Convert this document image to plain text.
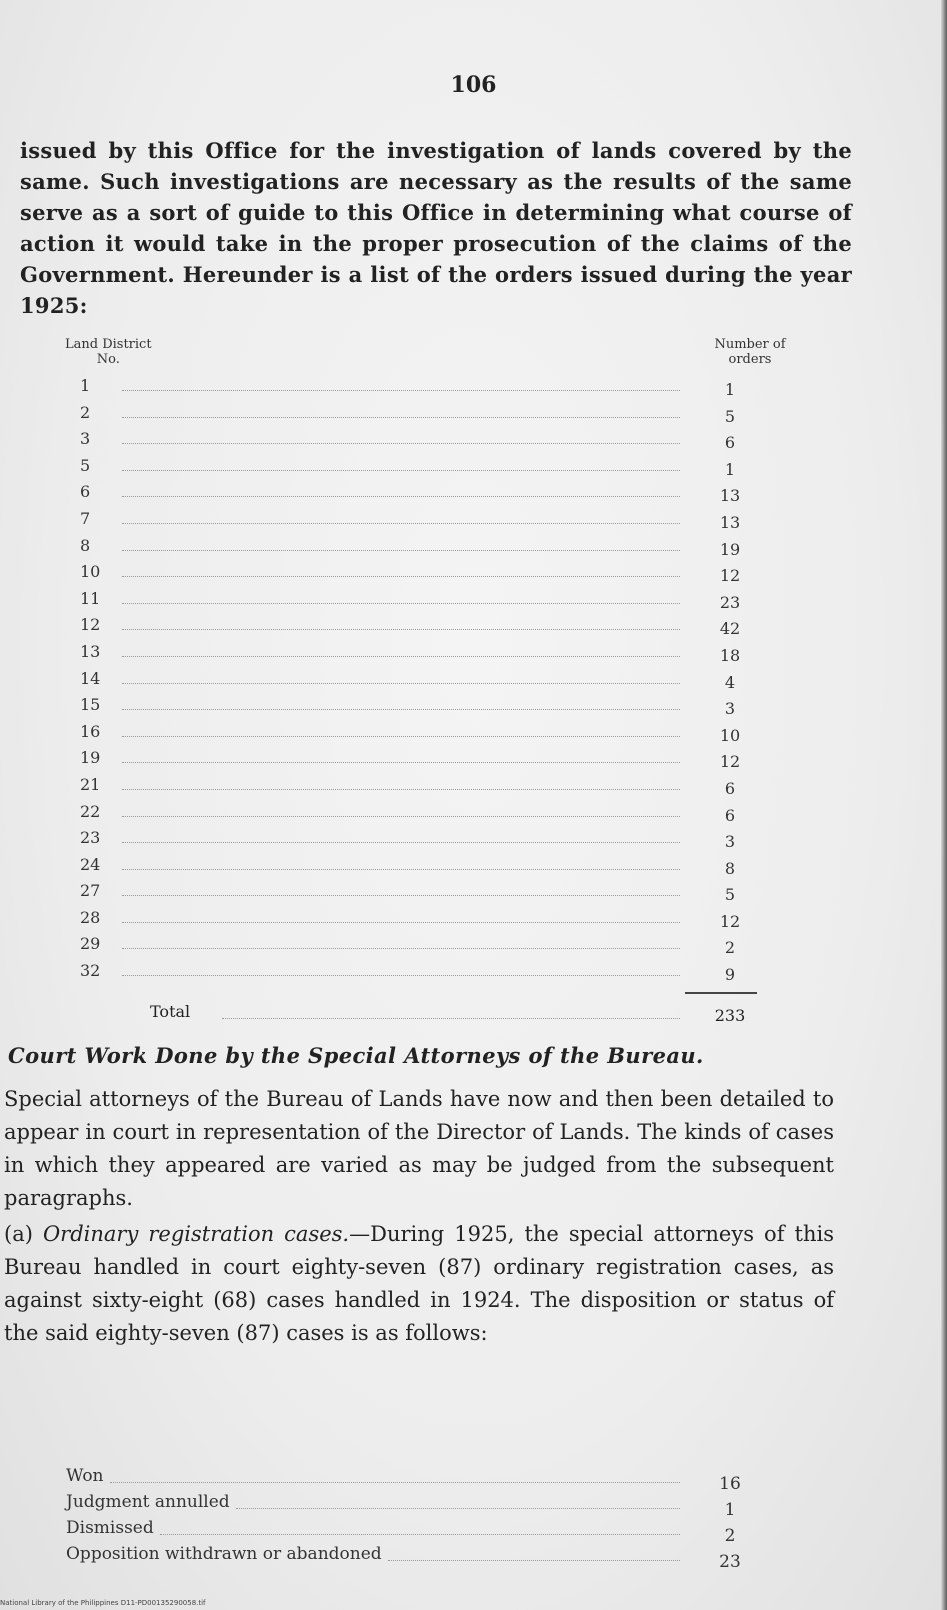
106

issued by this Office for the investigation of lands covered by the same. Such investigations are necessary as the results of the same serve as a sort of guide to this Office in determining what course of action it would take in the proper prosecution of the claims of the Government. Hereunder is a list of the orders issued during the year 1925:

Land District
No.
Number of
orders
1	1
2	5
3	6
5	1
6	13
7	13
8	19
10	12
11	23
12	42
13	18
14	4
15	3
16	10
19	12
21	6
22	6
23	3
24	8
27	5
28	12
29	2
32	9
Total	233
Court Work Done by the Special Attorneys of the Bureau.

Special attorneys of the Bureau of Lands have now and then been detailed to appear in court in representation of the Director of Lands. The kinds of cases in which they appeared are varied as may be judged from the subsequent paragraphs.

(a) Ordinary registration cases.—During 1925, the special attorneys of this Bureau handled in court eighty-seven (87) ordinary registration cases, as against sixty-eight (68) cases handled in 1924. The disposition or status of the said eighty-seven (87) cases is as follows:

Won	16
Judgment annulled	1
Dismissed	2
Opposition withdrawn or abandoned	23
National Library of the Philippines D11-PD00135290058.tif
